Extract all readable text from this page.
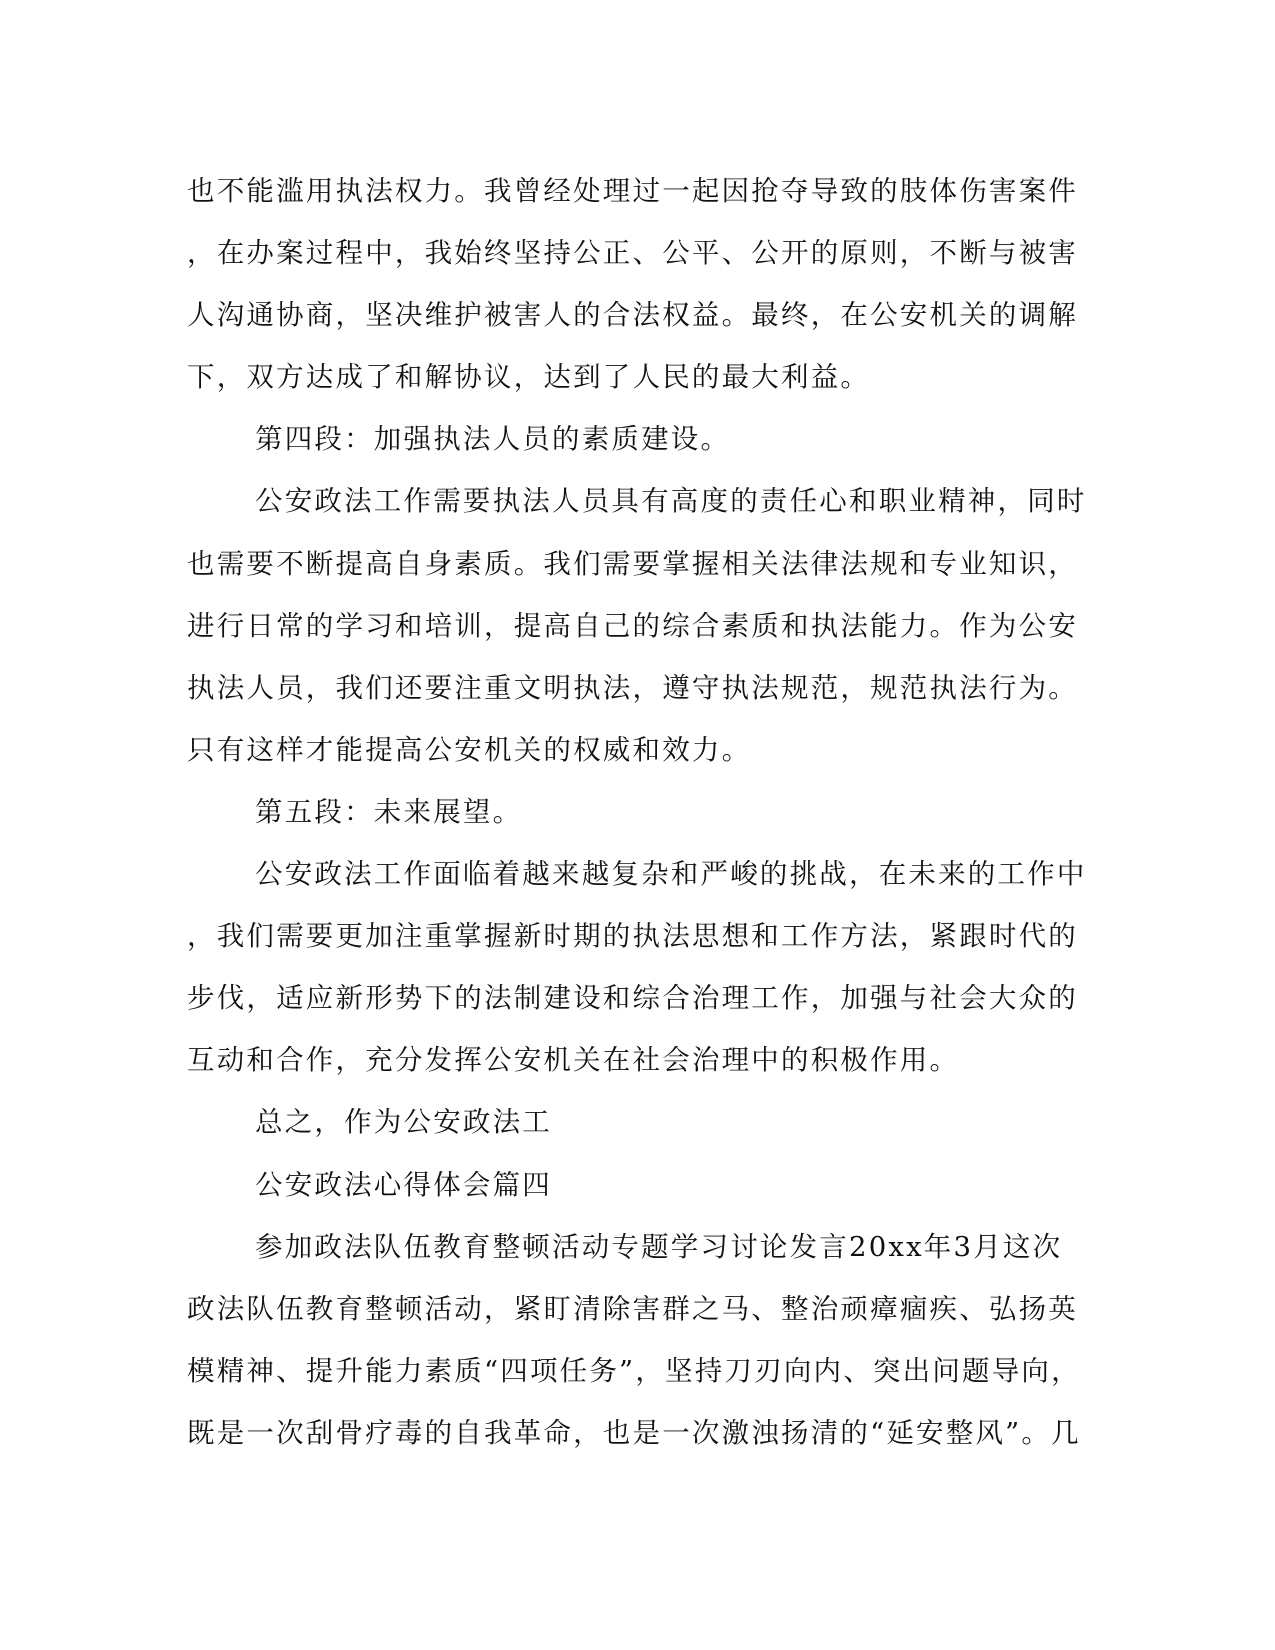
也不能滥用执法权力。我曾经处理过一起因抢夺导致的肢体伤害案件
，在办案过程中，我始终坚持公正、公平、公开的原则，不断与被害
人沟通协商，坚决维护被害人的合法权益。最终，在公安机关的调解
下，双方达成了和解协议，达到了人民的最大利益。
第四段：加强执法人员的素质建设。
公安政法工作需要执法人员具有高度的责任心和职业精神，同时
也需要不断提高自身素质。我们需要掌握相关法律法规和专业知识，
进行日常的学习和培训，提高自己的综合素质和执法能力。作为公安
执法人员，我们还要注重文明执法，遵守执法规范，规范执法行为。
只有这样才能提高公安机关的权威和效力。
第五段：未来展望。
公安政法工作面临着越来越复杂和严峻的挑战，在未来的工作中
，我们需要更加注重掌握新时期的执法思想和工作方法，紧跟时代的
步伐，适应新形势下的法制建设和综合治理工作，加强与社会大众的
互动和合作，充分发挥公安机关在社会治理中的积极作用。
总之，作为公安政法工
公安政法心得体会篇四
参加政法队伍教育整顿活动专题学习讨论发言20xx年3月这次
政法队伍教育整顿活动，紧盯清除害群之马、整治顽瘴痼疾、弘扬英
模精神、提升能力素质“四项任务”，坚持刀刃向内、突出问题导向，
既是一次刮骨疗毒的自我革命，也是一次激浊扬清的“延安整风”。几
